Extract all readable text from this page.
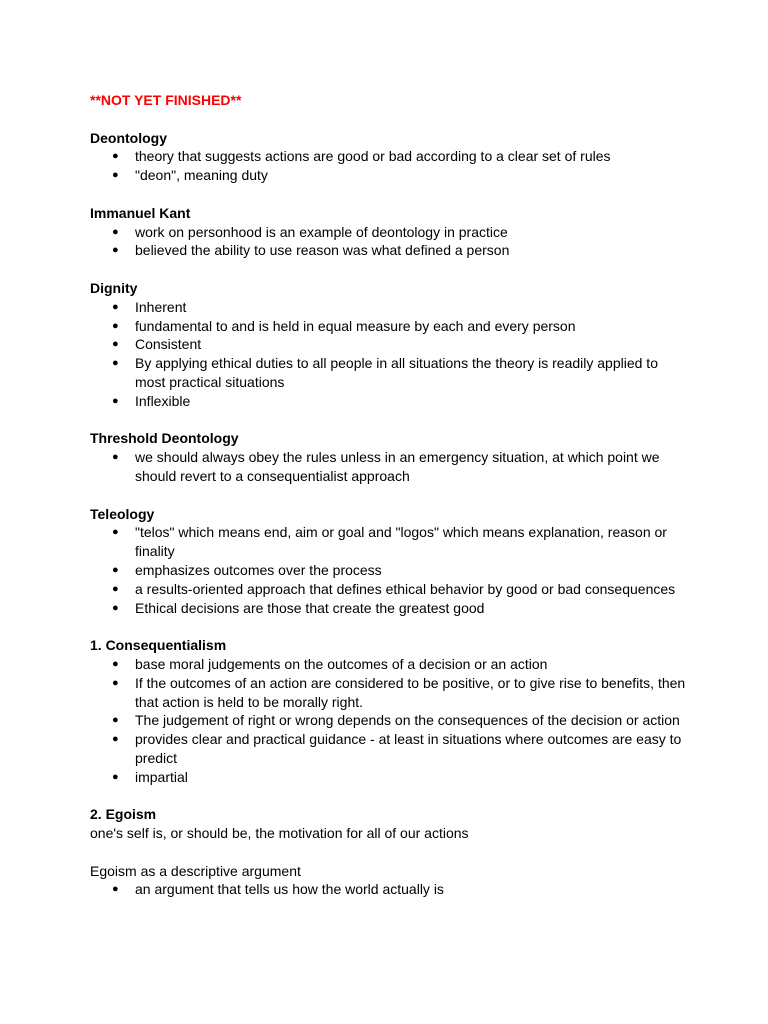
**NOT YET FINISHED**

Deontology

● theory that suggests actions are good or bad according to a clear set of rules
● "deon", meaning duty

Immanuel Kant

● work on personhood is an example of deontology in practice
● believed the ability to use reason was what defined a person

Dignity

● Inherent
● fundamental to and is held in equal measure by each and every person
● Consistent
● By applying ethical duties to all people in all situations the theory is readily applied to most practical situations
● Inflexible

Threshold Deontology

● we should always obey the rules unless in an emergency situation, at which point we should revert to a consequentialist approach

Teleology

● "telos" which means end, aim or goal and "logos" which means explanation, reason or finality
● emphasizes outcomes over the process
● a results-oriented approach that defines ethical behavior by good or bad consequences
● Ethical decisions are those that create the greatest good

1. Consequentialism

● base moral judgements on the outcomes of a decision or an action
● If the outcomes of an action are considered to be positive, or to give rise to benefits, then that action is held to be morally right.
● The judgement of right or wrong depends on the consequences of the decision or action
● provides clear and practical guidance - at least in situations where outcomes are easy to predict
● impartial

2. Egoism

one's self is, or should be, the motivation for all of our actions

Egoism as a descriptive argument

● an argument that tells us how the world actually is
